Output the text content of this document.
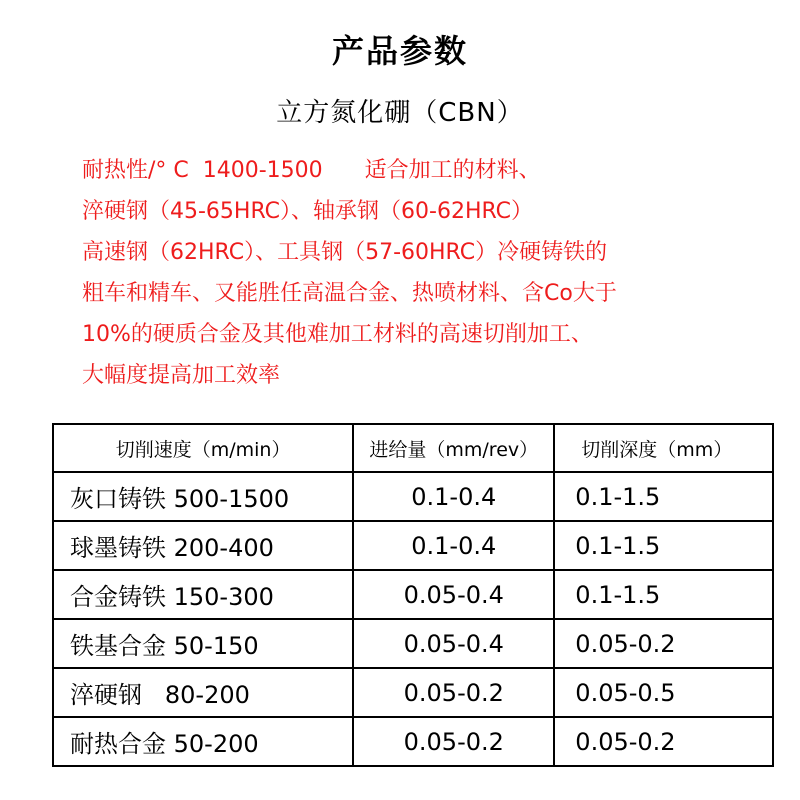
产品参数
立方氮化硼（CBN）
耐热性/° C  1400-1500      适合加工的材料、
淬硬钢（45-65HRC）、轴承钢（60-62HRC）
高速钢（62HRC）、工具钢（57-60HRC）冷硬铸铁的
粗车和精车、又能胜任高温合金、热喷材料、含Co大于
10%的硬质合金及其他难加工材料的高速切削加工、
大幅度提高加工效率
切削速度（m/min）	进给量（mm/rev）	切削深度（mm）
灰口铸铁 500-1500	0.1-0.4	0.1-1.5
球墨铸铁 200-400	0.1-0.4	0.1-1.5
合金铸铁 150-300	0.05-0.4	0.1-1.5
铁基合金 50-150	0.05-0.4	0.05-0.2
淬硬钢   80-200	0.05-0.2	0.05-0.5
耐热合金 50-200	0.05-0.2	0.05-0.2
